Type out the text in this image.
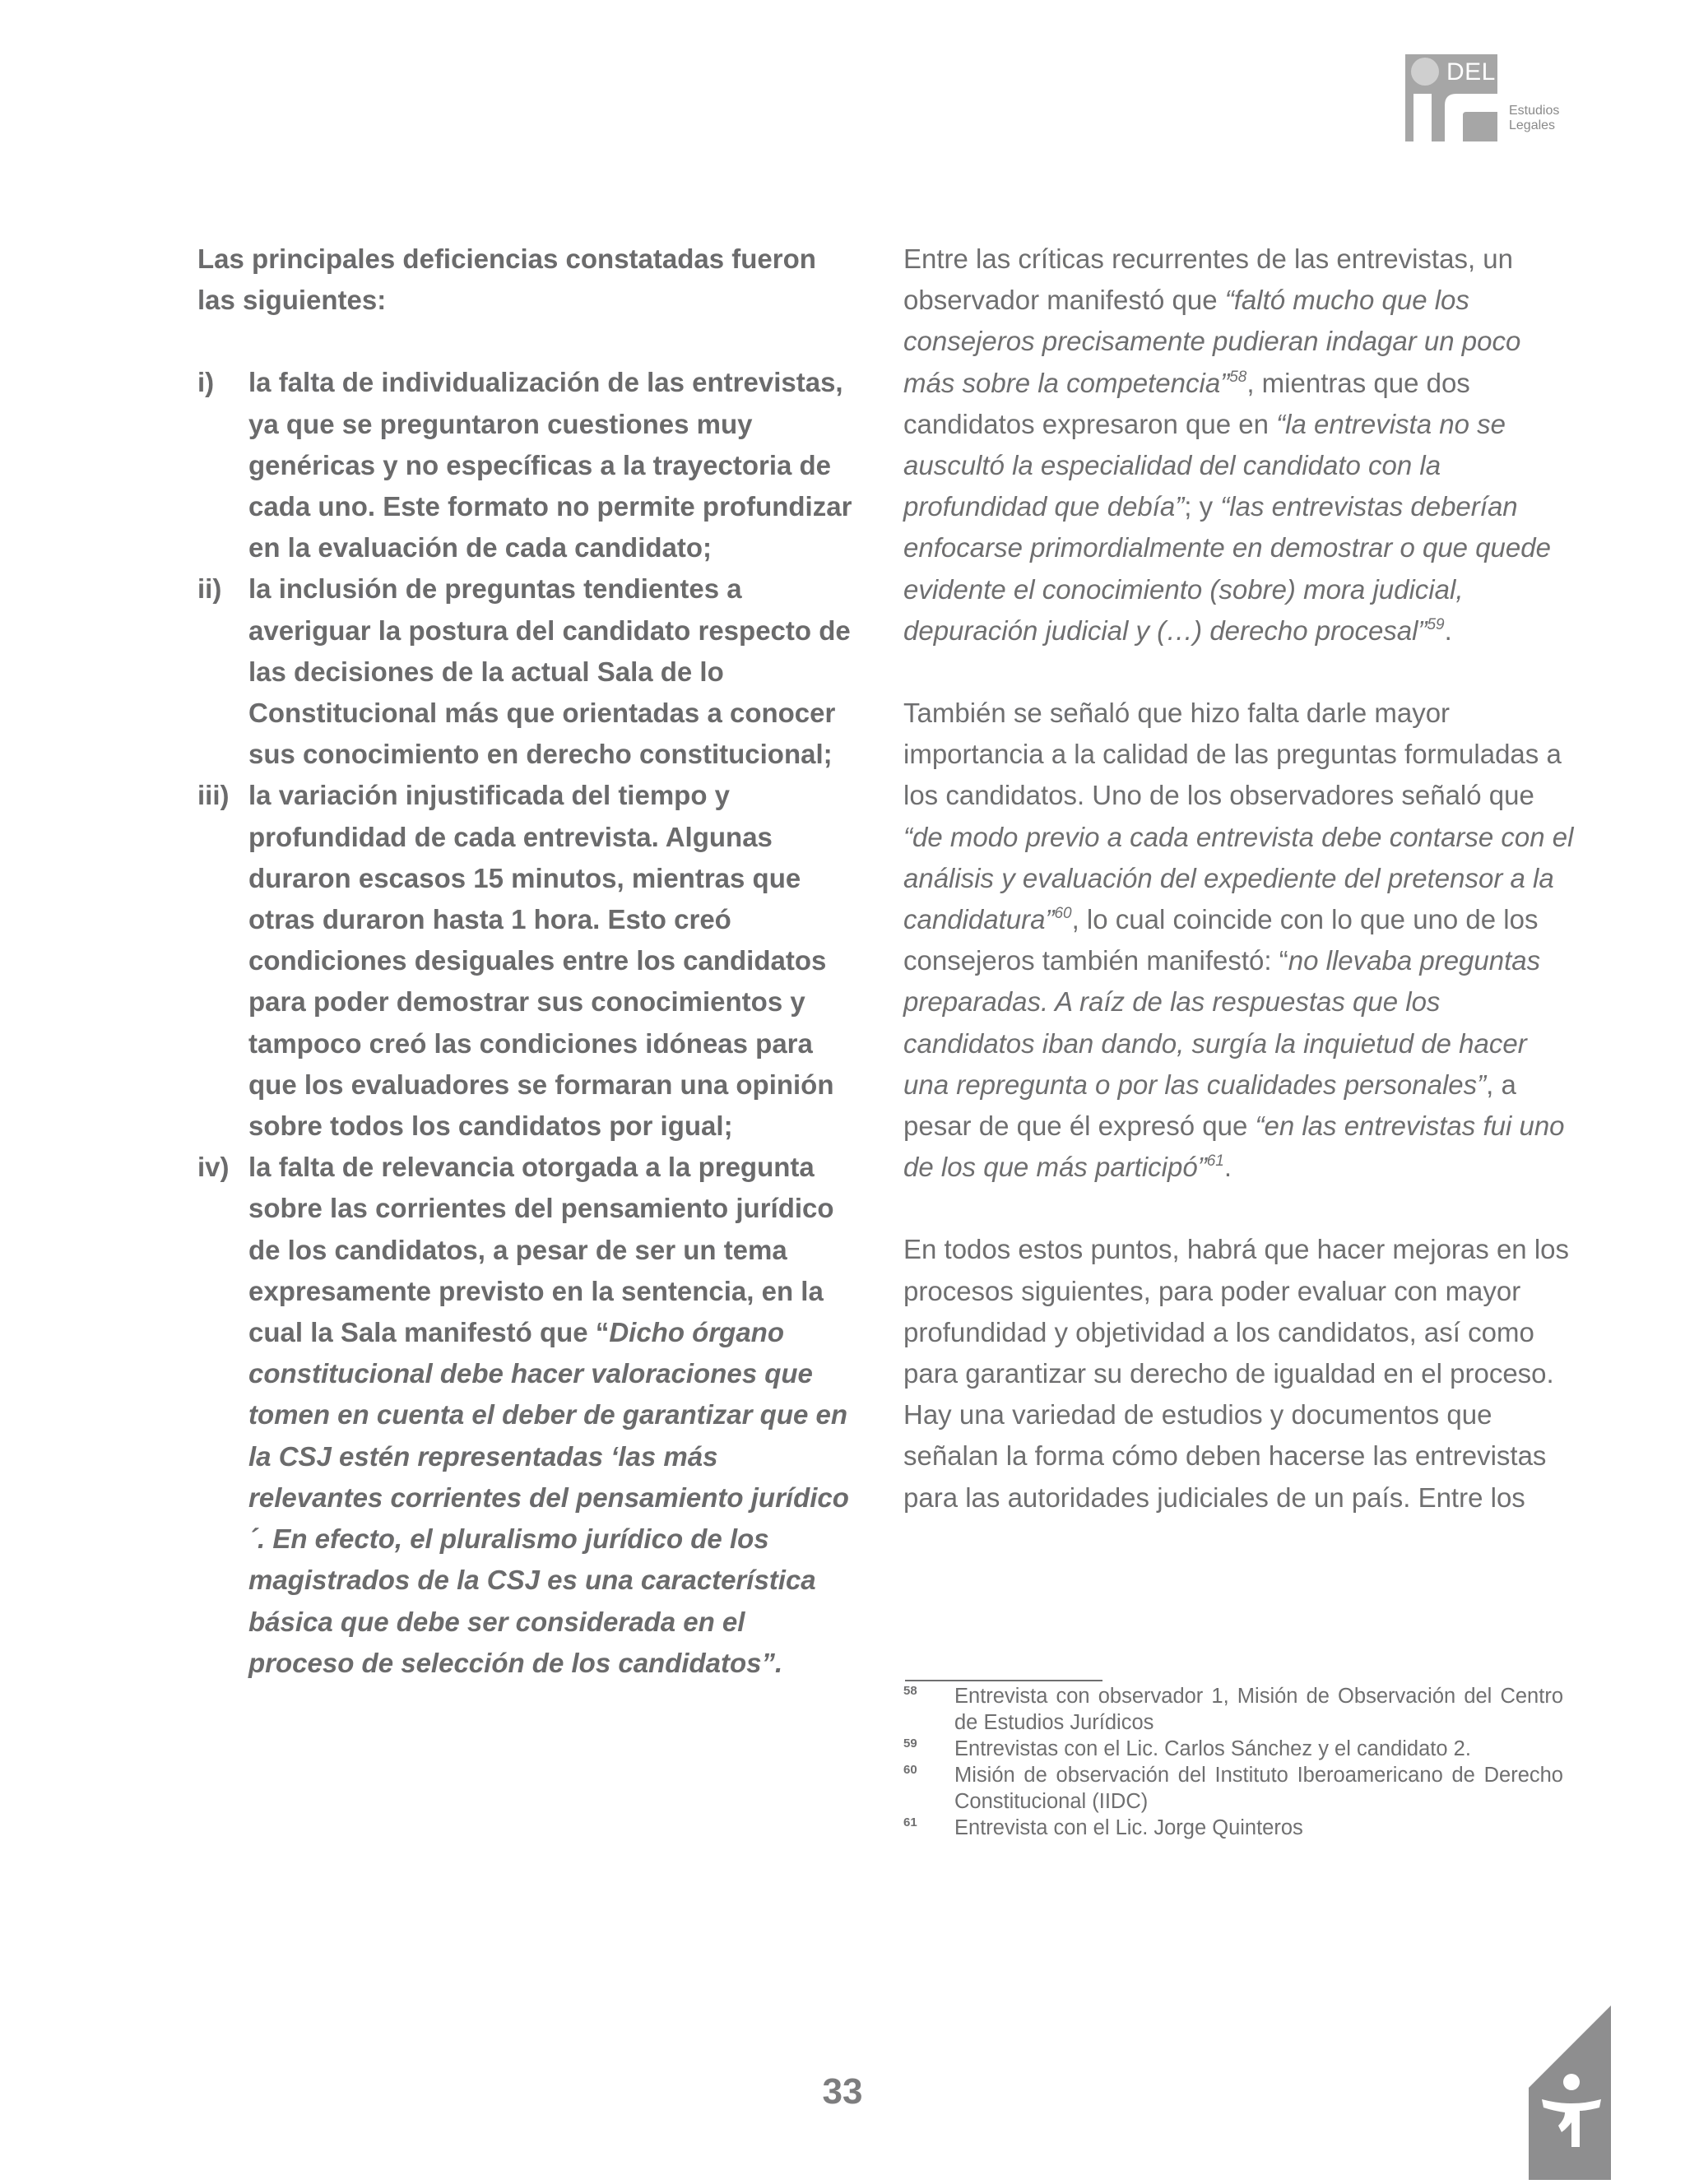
DEL
Estudios
Legales

Las principales deficiencias constatadas fueron las siguientes:

i) la falta de individualización de las entrevistas, ya que se preguntaron cuestiones muy genéricas y no específicas a la trayectoria de cada uno. Este formato no permite profundizar en la evaluación de cada candidato;
ii) la inclusión de preguntas tendientes a averiguar la postura del candidato respecto de las decisiones de la actual Sala de lo Constitucional más que orientadas a conocer sus conocimiento en derecho constitucional;
iii) la variación injustificada del tiempo y profundidad de cada entrevista. Algunas duraron escasos 15 minutos, mientras que otras duraron hasta 1 hora. Esto creó condiciones desiguales entre los candidatos para poder demostrar sus conocimientos y tampoco creó las condiciones idóneas para que los evaluadores se formaran una opinión sobre todos los candidatos por igual;
iv) la falta de relevancia otorgada a la pregunta sobre las corrientes del pensamiento jurídico de los candidatos, a pesar de ser un tema expresamente previsto en la sentencia, en la cual la Sala manifestó que “Dicho órgano constitucional debe hacer valoraciones que tomen en cuenta el deber de garantizar que en la CSJ estén representadas ‘las más relevantes corrientes del pensamiento jurídico´. En efecto, el pluralismo jurídico de los magistrados de la CSJ es una característica básica que debe ser considerada en el proceso de selección de los candidatos”.

Entre las críticas recurrentes de las entrevistas, un observador manifestó que “faltó mucho que los consejeros precisamente pudieran indagar un poco más sobre la competencia”$^{58}$, mientras que dos candidatos expresaron que en “la entrevista no se auscultó la especialidad del candidato con la profundidad que debía”; y “las entrevistas deberían enfocarse primordialmente en demostrar o que quede evidente el conocimiento (sobre) mora judicial, depuración judicial y (…) derecho procesal”$^{59}$.

También se señaló que hizo falta darle mayor importancia a la calidad de las preguntas formuladas a los candidatos. Uno de los observadores señaló que “de modo previo a cada entrevista debe contarse con el análisis y evaluación del expediente del pretensor a la candidatura”$^{60}$, lo cual coincide con lo que uno de los consejeros también manifestó: “no llevaba preguntas preparadas. A raíz de las respuestas que los candidatos iban dando, surgía la inquietud de hacer una repregunta o por las cualidades personales”, a pesar de que él expresó que “en las entrevistas fui uno de los que más participó”$^{61}$.

En todos estos puntos, habrá que hacer mejoras en los procesos siguientes, para poder evaluar con mayor profundidad y objetividad a los candidatos, así como para garantizar su derecho de igualdad en el proceso. Hay una variedad de estudios y documentos que señalan la forma cómo deben hacerse las entrevistas para las autoridades judiciales de un país. Entre los

58 Entrevista con observador 1, Misión de Observación del Centro de Estudios Jurídicos
59 Entrevistas con el Lic. Carlos Sánchez y el candidato 2.
60 Misión de observación del Instituto Iberoamericano de Derecho Constitucional (IIDC)
61 Entrevista con el Lic. Jorge Quinteros
33
